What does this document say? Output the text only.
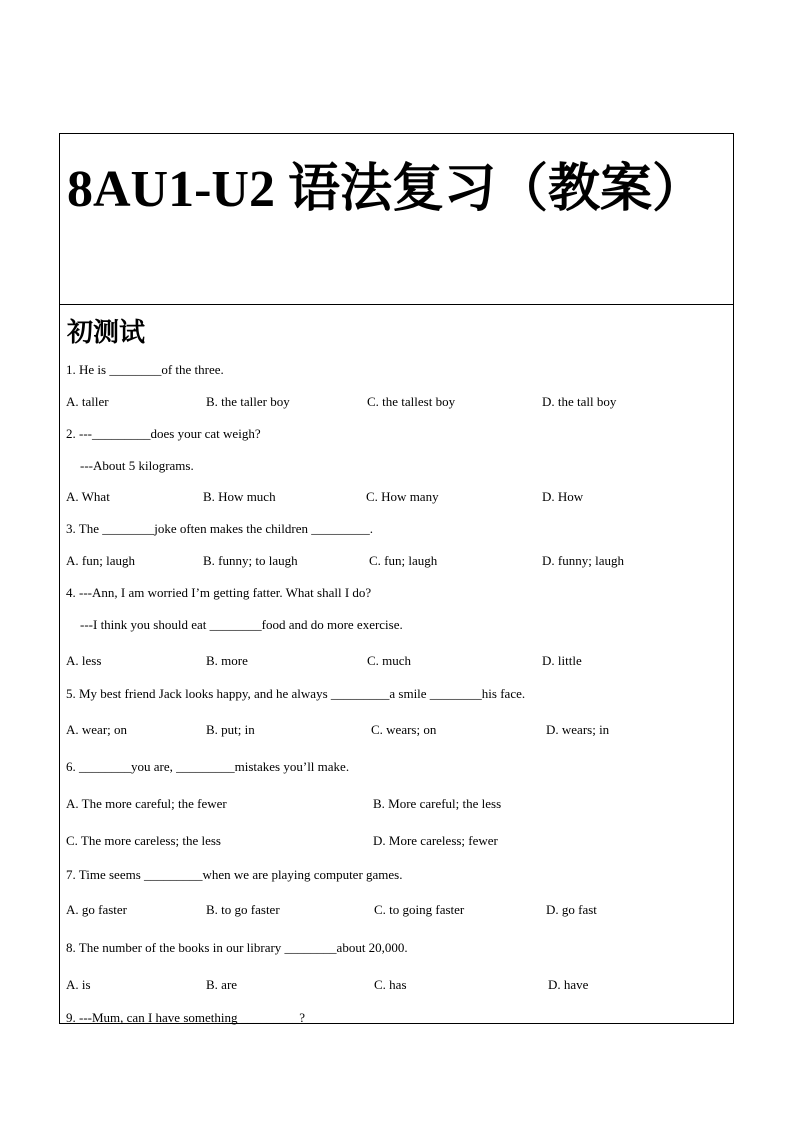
8AU1-U2 语法复习（教案）
初测试
1. He is ________of the three.
A. taller	B. the taller boy	C. the tallest boy	D. the tall boy
2. ---_________does your cat weigh?
---About 5 kilograms.
A. What	B. How much	C. How many	D. How
3. The ________joke often makes the children _________.
A. fun; laugh	B. funny; to laugh	C. fun; laugh	D. funny; laugh
4. ---Ann, I am worried I’m getting fatter. What shall I do?
---I think you should eat ________food and do more exercise.
A. less	B. more	C. much	D. little
5. My best friend Jack looks happy, and he always _________a smile ________his face.
A. wear; on	B. put; in	C. wears; on	D. wears; in
6. ________you are, _________mistakes you’ll make.
A. The more careful; the fewer	B. More careful; the less
C. The more careless; the less	D. More careless; fewer
7. Time seems _________when we are playing computer games.
A. go faster	B. to go faster	C. to going faster	D. go fast
8. The number of the books in our library ________about 20,000.
A. is	B. are	C. has	D. have
9. ---Mum, can I have something _________?
